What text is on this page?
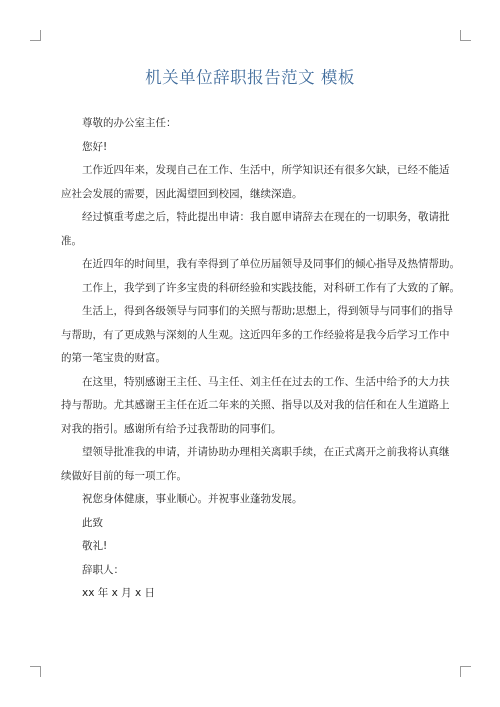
机关单位辞职报告范文 模板

尊敬的办公室主任：

您好!

工作近四年来，发现自己在工作、生活中，所学知识还有很多欠缺，已经不能适

应社会发展的需要，因此渴望回到校园，继续深造。

经过慎重考虑之后，特此提出申请：我自愿申请辞去在现在的一切职务，敬请批

准。

在近四年的时间里，我有幸得到了单位历届领导及同事们的倾心指导及热情帮助。

工作上，我学到了许多宝贵的科研经验和实践技能，对科研工作有了大致的了解。

生活上，得到各级领导与同事们的关照与帮助;思想上，得到领导与同事们的指导

与帮助，有了更成熟与深刻的人生观。这近四年多的工作经验将是我今后学习工作中

的第一笔宝贵的财富。

在这里，特别感谢王主任、马主任、刘主任在过去的工作、生活中给予的大力扶

持与帮助。尤其感谢王主任在近二年来的关照、指导以及对我的信任和在人生道路上

对我的指引。感谢所有给予过我帮助的同事们。

望领导批准我的申请，并请协助办理相关离职手续，在正式离开之前我将认真继

续做好目前的每一项工作。

祝您身体健康，事业顺心。并祝事业蓬勃发展。

此致

敬礼!

辞职人：

xx 年 x 月 x 日
